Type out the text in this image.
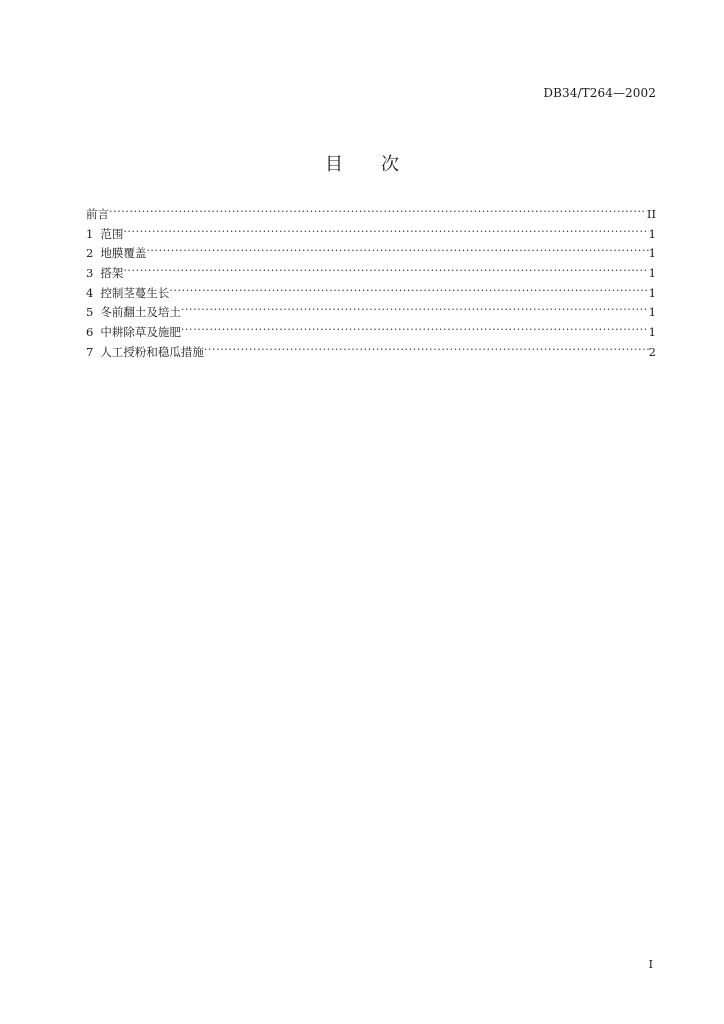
DB34/T264—2002
目 次
前言 ·····	II
1 范围 ·····	1
2 地膜覆盖 ·····	1
3 搭架 ·····	1
4 控制茎蔓生长 ·····	1
5 冬前翻土及培土 ·····	1
6 中耕除草及施肥 ·····	1
7 人工授粉和稳瓜措施 ·····	2
I
